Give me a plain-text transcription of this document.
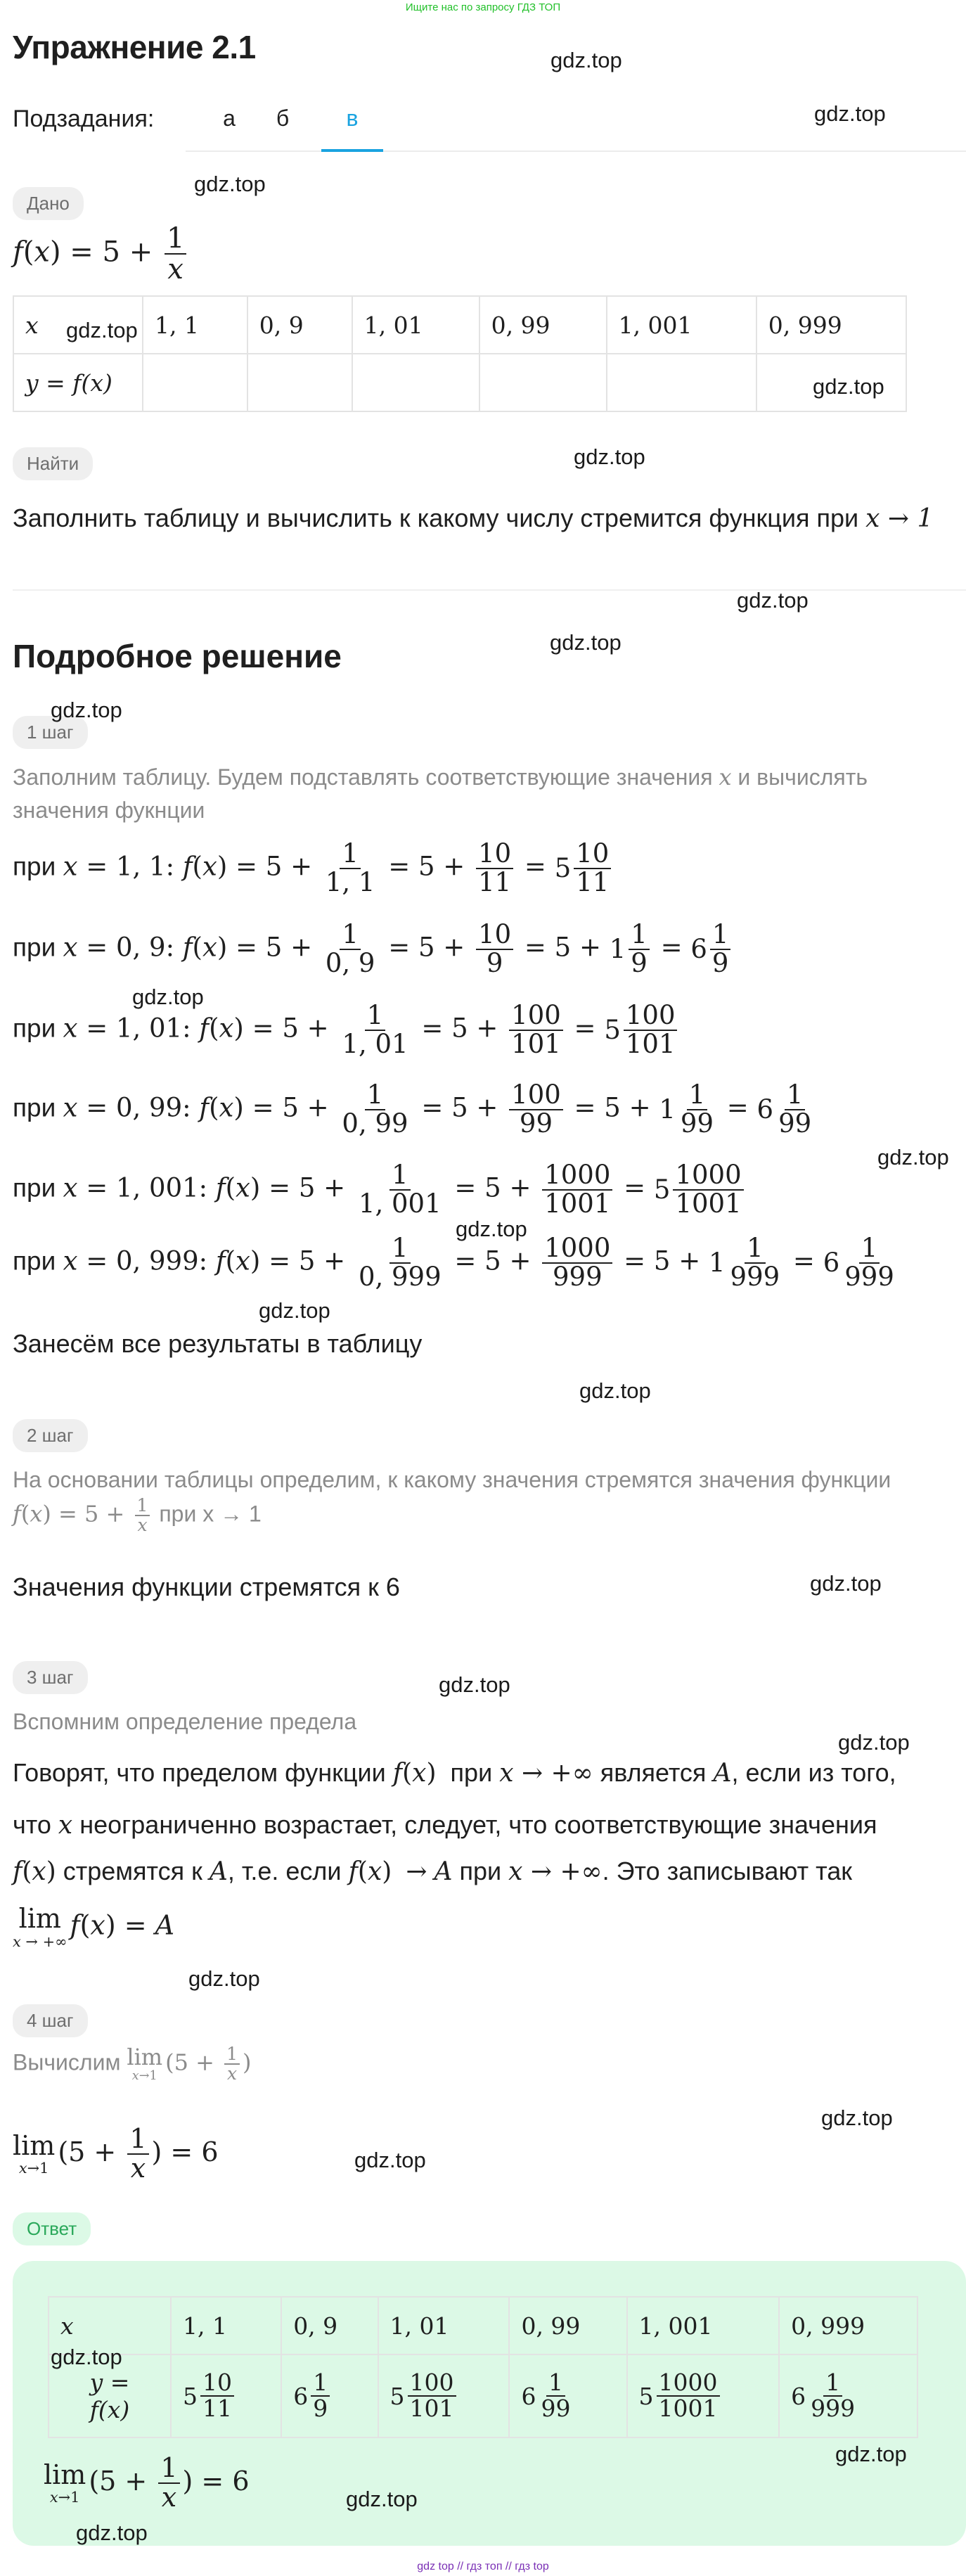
Ищите нас по запросу ГДЗ ТОП
Упражнение 2.1
Подзадания:	а	б	в
Дано
$f(x) = 5 + \frac{1}{x}$
x	1, 1	0, 9	1, 01	0, 99	1, 001	0, 999
y = f(x)						
Найти
Заполнить таблицу и вычислить к какому числу стремится функция при x → 1
Подробное решение
1 шаг
Заполним таблицу. Будем подставлять соответствующие значения x и вычислять
значения фукнции
при x = 1, 1: $f(x) = 5 + \frac{1}{1, 1} = 5 + \frac{10}{11} = 5 \frac{10}{11}$
при x = 0, 9: $f(x) = 5 + \frac{1}{0, 9} = 5 + \frac{10}{9} = 5 + 1 \frac{1}{9} = 6 \frac{1}{9}$
при x = 1, 01: $f(x) = 5 + \frac{1}{1, 01} = 5 + \frac{100}{101} = 5 \frac{100}{101}$
при x = 0, 99: $f(x) = 5 + \frac{1}{0, 99} = 5 + \frac{100}{99} = 5 + 1 \frac{1}{99} = 6 \frac{1}{99}$
при x = 1, 001: $f(x) = 5 + \frac{1}{1, 001} = 5 + \frac{1000}{1001} = 5 \frac{1000}{1001}$
при x = 0, 999: $f(x) = 5 + \frac{1}{0, 999} = 5 + \frac{1000}{999} = 5 + 1 \frac{1}{999} = 6 \frac{1}{999}$
Занесём все результаты в таблицу
2 шаг
На основании таблицы определим, к какому значения стремятся значения функции
$f(x) = 5 + \frac{1}{x}$ при x → 1
Значения функции стремятся к 6
3 шаг
Вспомним определение предела
Говорят, что пределом функции f(x) при x → +∞ является A, если из того,
что x неограниченно возрастает, следует, что соответствующие значения
f(x) стремятся к A, т.е. если f(x) → A при x → +∞. Это записывают так
lim
x → +∞
f(x) = A
4 шаг
Вычислим lim
x→1
($5 + \frac{1}{x}$ )
lim
x→1
($5 + \frac{1}{x}$ ) = 6
Ответ
x	1, 1	0, 9	1, 01	0, 99	1, 001	0, 999
y =
f(x)	$5 \frac{10}{11}$	$6 \frac{1}{9}$	$5 \frac{100}{101}$	$6 \frac{1}{99}$	$5 \frac{1000}{1001}$	$6 \frac{1}{999}$
lim
x→1
($5 + \frac{1}{x}$ ) = 6
gdz.top
gdz.top
gdz.top
gdz.top
gdz.top
gdz.top
gdz.top
gdz.top
gdz.top
gdz.top
gdz.top
gdz.top
gdz.top
gdz.top
gdz.top
gdz.top
gdz.top
gdz.top
gdz.top
gdz.top
gdz.top
gdz.top
gdz.top
gdz.top
gdz top // гдз топ // гдз top
